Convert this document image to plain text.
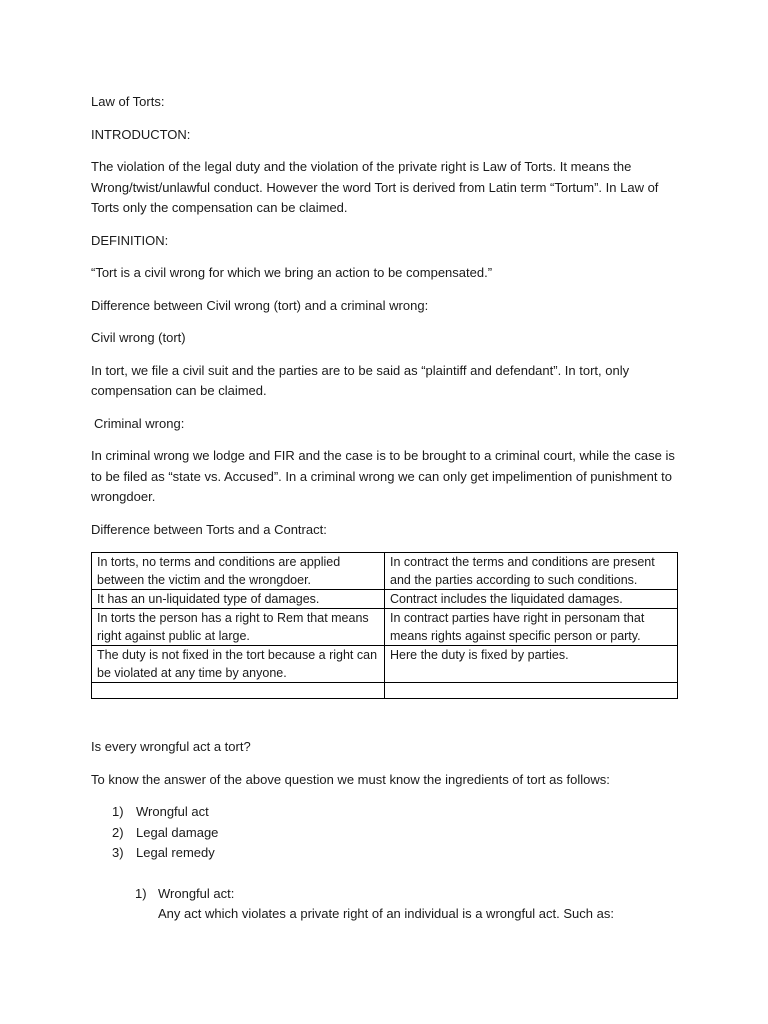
Law of Torts:

INTRODUCTON:

The violation of the legal duty and the violation of the private right is Law of Torts. It means the Wrong/twist/unlawful conduct. However the word Tort is derived from Latin term “Tortum”. In Law of Torts only the compensation can be claimed.

DEFINITION:

“Tort is a civil wrong for which we bring an action to be compensated.”

Difference between Civil wrong (tort) and a criminal wrong:

Civil wrong (tort)

In tort, we file a civil suit and the parties are to be said as “plaintiff and defendant”. In tort, only compensation can be claimed.

Criminal wrong:

In criminal wrong we lodge and FIR and the case is to be brought to a criminal court, while the case is to be filed as “state vs. Accused”. In a criminal wrong we can only get impelimention of punishment to wrongdoer.

Difference between Torts and a Contract:

In torts, no terms and conditions are applied between the victim and the wrongdoer.	In contract the terms and conditions are present and the parties according to such conditions.
It has an un-liquidated type of damages.	Contract includes the liquidated damages.
In torts the person has a right to Rem that means right against public at large.	In contract parties have right in personam that means rights against specific person or party.
The duty is not fixed in the tort because a right can be violated at any time by anyone.	Here the duty is fixed by parties.

Is every wrongful act a tort?

To know the answer of the above question we must know the ingredients of tort as follows:

1) Wrongful act
2) Legal damage
3) Legal remedy
1) Wrongful act:
Any act which violates a private right of an individual is a wrongful act. Such as:
